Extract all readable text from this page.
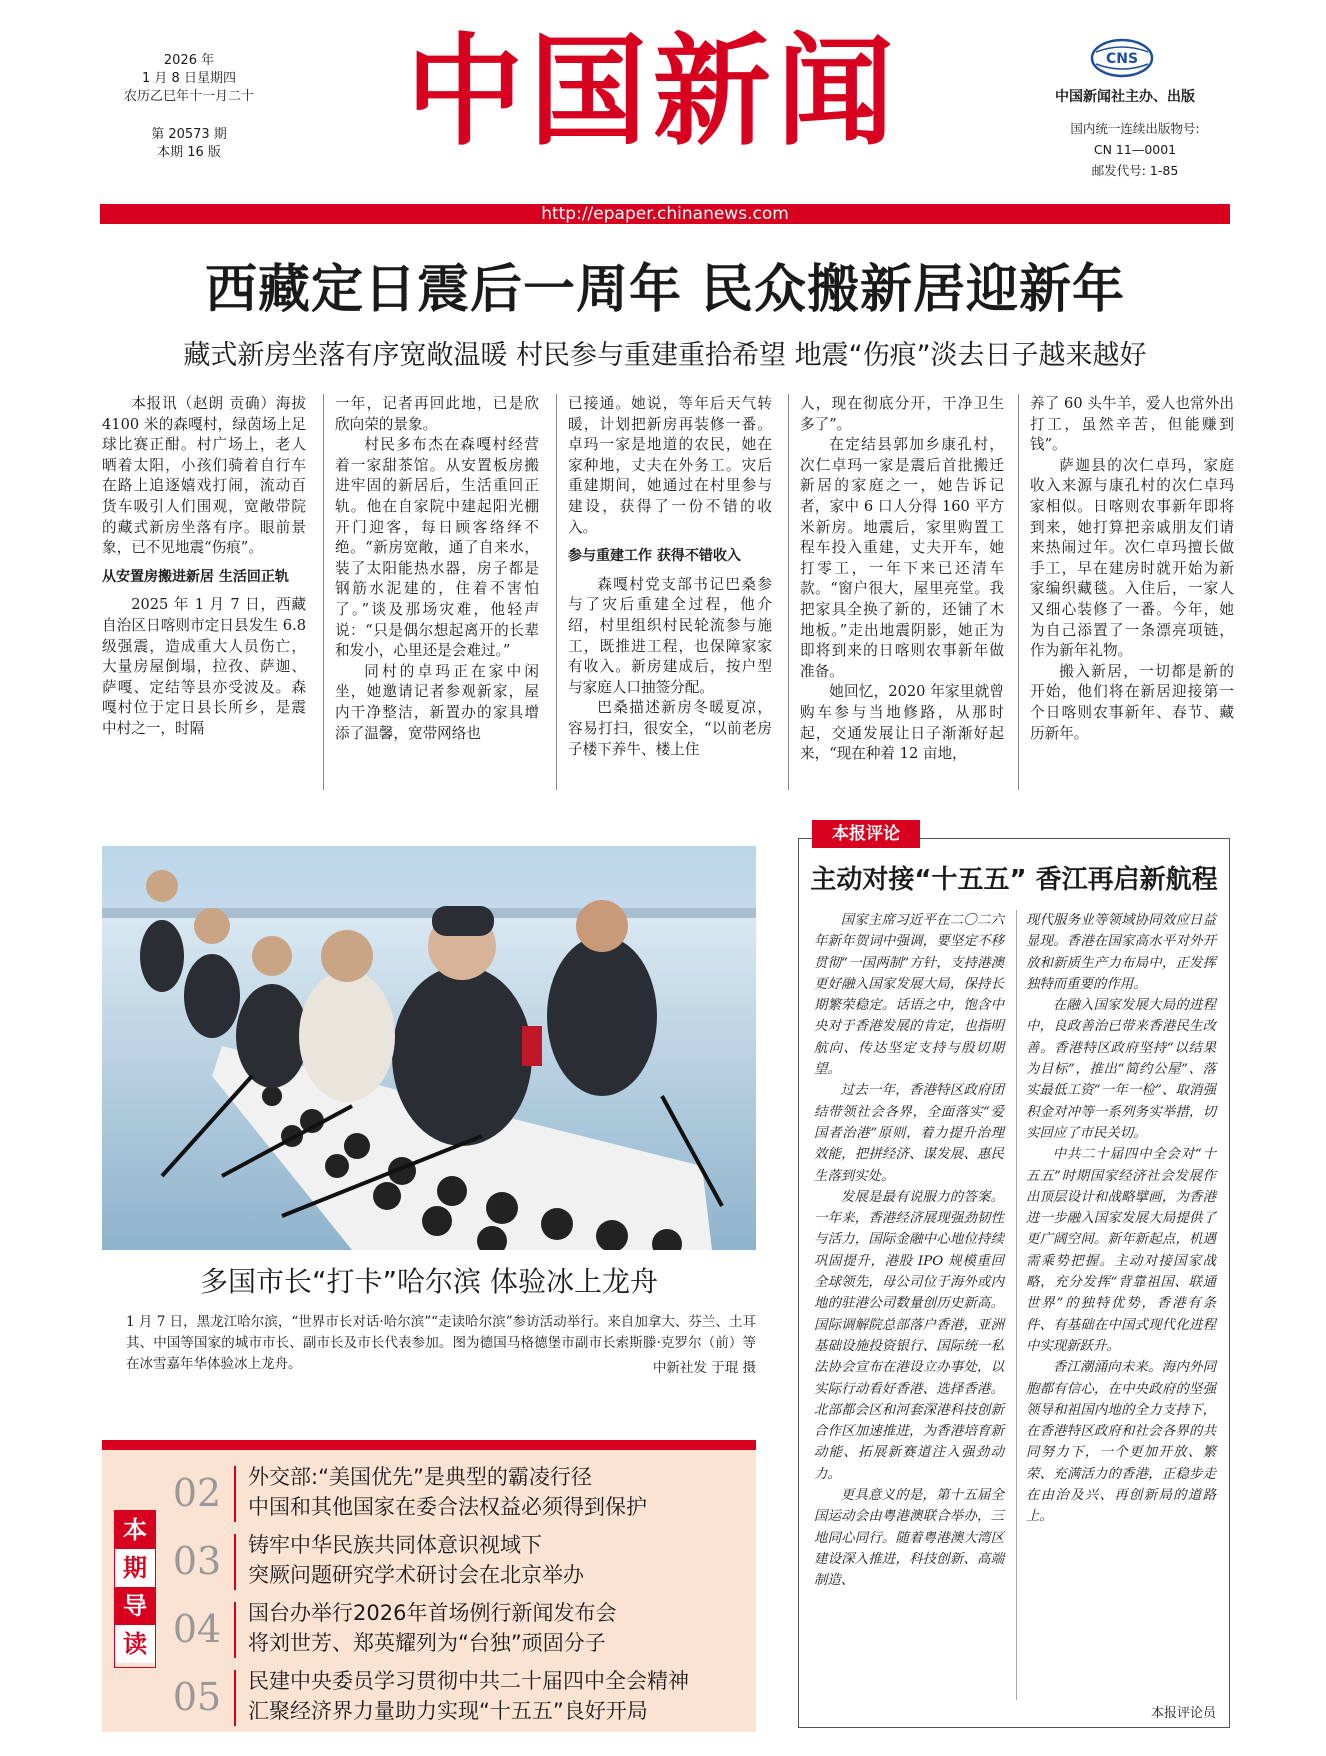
2026 年
1 月 8 日星期四
农历乙巳年十一月二十
第 20573 期
本期 16 版	中国新闻	CNS
中国新闻社主办、出版
国内统一连续出版物号:
CN 11—0001
邮发代号: 1-85
http://epaper.chinanews.com
西藏定日震后一周年 民众搬新居迎新年
藏式新房坐落有序宽敞温暖 村民参与重建重拾希望 地震“伤痕”淡去日子越来越好

本报讯（赵朗 贡确）海拔 4100 米的森嘎村，绿茵场上足球比赛正酣。村广场上，老人晒着太阳，小孩们骑着自行车在路上追逐嬉戏打闹，流动百货车吸引人们围观，宽敞带院的藏式新房坐落有序。眼前景象，已不见地震“伤痕”。

从安置房搬进新居 生活回正轨

2025 年 1 月 7 日，西藏自治区日喀则市定日县发生 6.8 级强震，造成重大人员伤亡，大量房屋倒塌，拉孜、萨迦、萨嘎、定结等县亦受波及。森嘎村位于定日县长所乡，是震中村之一，时隔

一年，记者再回此地，已是欣欣向荣的景象。

村民多布杰在森嘎村经营着一家甜茶馆。从安置板房搬进牢固的新居后，生活重回正轨。他在自家院中建起阳光棚开门迎客，每日顾客络绎不绝。“新房宽敞，通了自来水，装了太阳能热水器，房子都是钢筋水泥建的，住着不害怕了。”谈及那场灾难，他轻声说：“只是偶尔想起离开的长辈和发小，心里还是会难过。”

同村的卓玛正在家中闲坐，她邀请记者参观新家，屋内干净整洁，新置办的家具增添了温馨，宽带网络也

已接通。她说，等年后天气转暖，计划把新房再装修一番。卓玛一家是地道的农民，她在家种地，丈夫在外务工。灾后重建期间，她通过在村里参与建设，获得了一份不错的收入。

参与重建工作 获得不错收入

森嘎村党支部书记巴桑参与了灾后重建全过程，他介绍，村里组织村民轮流参与施工，既推进工程，也保障家家有收入。新房建成后，按户型与家庭人口抽签分配。

巴桑描述新房冬暖夏凉，容易打扫，很安全，“以前老房子楼下养牛、楼上住

人，现在彻底分开，干净卫生多了”。

在定结县郭加乡康孔村，次仁卓玛一家是震后首批搬迁新居的家庭之一，她告诉记者，家中 6 口人分得 160 平方米新房。地震后，家里购置工程车投入重建，丈夫开车，她打零工，一年下来已还清车款。“窗户很大，屋里亮堂。我把家具全换了新的，还铺了木地板。”走出地震阴影，她正为即将到来的日喀则农事新年做准备。

她回忆，2020 年家里就曾购车参与当地修路，从那时起，交通发展让日子渐渐好起来，“现在种着 12 亩地，

养了 60 头牛羊，爱人也常外出打工，虽然辛苦，但能赚到钱”。

萨迦县的次仁卓玛，家庭收入来源与康孔村的次仁卓玛家相似。日喀则农事新年即将到来，她打算把亲戚朋友们请来热闹过年。次仁卓玛擅长做手工，早在建房时就开始为新家编织藏毯。入住后，一家人又细心装修了一番。今年，她为自己添置了一条漂亮项链，作为新年礼物。

搬入新居，一切都是新的开始，他们将在新居迎接第一个日喀则农事新年、春节、藏历新年。

多国市长“打卡”哈尔滨 体验冰上龙舟
1 月 7 日，黑龙江哈尔滨，“世界市长对话·哈尔滨”“走读哈尔滨”参访活动举行。来自加拿大、芬兰、土耳其、中国等国家的城市市长、副市长及市长代表参加。图为德国马格德堡市副市长索斯滕·克罗尔（前）等在冰雪嘉年华体验冰上龙舟。	中新社发 于琨 摄
本报评论
主动对接“十五五” 香江再启新航程

国家主席习近平在二〇二六年新年贺词中强调，要坚定不移贯彻“一国两制”方针，支持港澳更好融入国家发展大局，保持长期繁荣稳定。话语之中，饱含中央对于香港发展的肯定，也指明航向、传达坚定支持与殷切期望。

过去一年，香港特区政府团结带领社会各界，全面落实“爱国者治港”原则，着力提升治理效能，把拼经济、谋发展、惠民生落到实处。

发展是最有说服力的答案。一年来，香港经济展现强劲韧性与活力，国际金融中心地位持续巩固提升，港股 IPO 规模重回全球领先，母公司位于海外或内地的驻港公司数量创历史新高。国际调解院总部落户香港，亚洲基础设施投资银行、国际统一私法协会宣布在港设立办事处，以实际行动看好香港、选择香港。北部都会区和河套深港科技创新合作区加速推进，为香港培育新动能、拓展新赛道注入强劲动力。

更具意义的是，第十五届全国运动会由粤港澳联合举办，三地同心同行。随着粤港澳大湾区建设深入推进，科技创新、高端制造、

现代服务业等领域协同效应日益显现。香港在国家高水平对外开放和新质生产力布局中，正发挥独特而重要的作用。

在融入国家发展大局的进程中，良政善治已带来香港民生改善。香港特区政府坚持“以结果为目标”，推出“简约公屋”、落实最低工资“一年一检”、取消强积金对冲等一系列务实举措，切实回应了市民关切。

中共二十届四中全会对“十五五”时期国家经济社会发展作出顶层设计和战略擘画，为香港进一步融入国家发展大局提供了更广阔空间。新年新起点，机遇需乘势把握。主动对接国家战略，充分发挥“背靠祖国、联通世界”的独特优势，香港有条件、有基础在中国式现代化进程中实现新跃升。

香江潮涌向未来。海内外同胞都有信心，在中央政府的坚强领导和祖国内地的全力支持下，在香港特区政府和社会各界的共同努力下，一个更加开放、繁荣、充满活力的香港，正稳步走在由治及兴、再创新局的道路上。

本报评论员
本
期
导
读
02 外交部:“美国优先”是典型的霸凌行径
中国和其他国家在委合法权益必须得到保护
03 铸牢中华民族共同体意识视域下
突厥问题研究学术研讨会在北京举办
04 国台办举行2026年首场例行新闻发布会
将刘世芳、郑英耀列为“台独”顽固分子
05 民建中央委员学习贯彻中共二十届四中全会精神
汇聚经济界力量助力实现“十五五”良好开局
